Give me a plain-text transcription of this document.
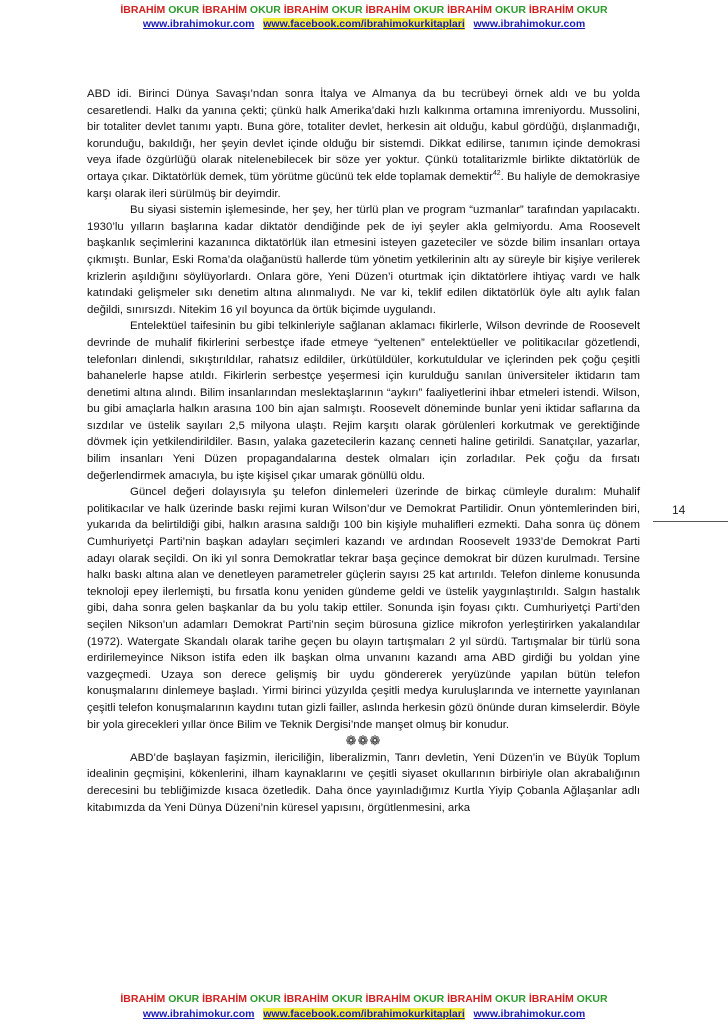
İBRAHİM OKUR İBRAHİM OKUR İBRAHİM OKUR İBRAHİM OKUR İBRAHİM OKUR İBRAHİM OKUR
www.ibrahimokur.com www.facebook.com/ibrahimokurkitaplari www.ibrahimokur.com

ABD idi. Birinci Dünya Savaşı’ndan sonra İtalya ve Almanya da bu tecrübeyi örnek aldı ve bu yolda cesaretlendi. Halkı da yanına çekti; çünkü halk Amerika’daki hızlı kalkınma ortamına imreniyordu. Mussolini, bir totaliter devlet tanımı yaptı. Buna göre, totaliter devlet, herkesin ait olduğu, kabul gördüğü, dışlanmadığı, korunduğu, bakıldığı, her şeyin devlet içinde olduğu bir sistemdi. Dikkat edilirse, tanımın içinde demokrasi veya ifade özgürlüğü olarak nitelenebilecek bir söze yer yoktur. Çünkü totalitarizmle birlikte diktatörlük de ortaya çıkar. Diktatörlük demek, tüm yörütme gücünü tek elde toplamak demektir$^{42}$. Bu haliyle de demokrasiye karşı olarak ileri sürülmüş bir deyimdir.

Bu siyasi sistemin işlemesinde, her şey, her türlü plan ve program “uzmanlar” tarafından yapılacaktı. 1930’lu yılların başlarına kadar diktatör dendiğinde pek de iyi şeyler akla gelmiyordu. Ama Roosevelt başkanlık seçimlerini kazanınca diktatörlük ilan etmesini isteyen gazeteciler ve sözde bilim insanları ortaya çıkmıştı. Bunlar, Eski Roma’da olağanüstü hallerde tüm yönetim yetkilerinin altı ay süreyle bir kişiye verilerek krizlerin aşıldığını söylüyorlardı. Onlara göre, Yeni Düzen’i oturtmak için diktatörlere ihtiyaç vardı ve halk katındaki gelişmeler sıkı denetim altına alınmalıydı. Ne var ki, teklif edilen diktatörlük öyle altı aylık falan değildi, sınırsızdı. Nitekim 16 yıl boyunca da örtük biçimde uygulandı.

Entelektüel taifesinin bu gibi telkinleriyle sağlanan aklamacı fikirlerle, Wilson devrinde de Roosevelt devrinde de muhalif fikirlerini serbestçe ifade etmeye “yeltenen” entelektüeller ve politikacılar gözetlendi, telefonları dinlendi, sıkıştırıldılar, rahatsız edildiler, ürkütüldüler, korkutuldular ve içlerinden pek çoğu çeşitli bahanelerle hapse atıldı. Fikirlerin serbestçe yeşermesi için kurulduğu sanılan üniversiteler iktidarın tam denetimi altına alındı. Bilim insanlarından meslektaşlarının “aykırı” faaliyetlerini ihbar etmeleri istendi. Wilson, bu gibi amaçlarla halkın arasına 100 bin ajan salmıştı. Roosevelt döneminde bunlar yeni iktidar saflarına da sızdılar ve üstelik sayıları 2,5 milyona ulaştı. Rejim karşıtı olarak görülenleri korkutmak ve gerektiğinde dövmek için yetkilendirildiler. Basın, yalaka gazetecilerin kazanç cenneti haline getirildi. Sanatçılar, yazarlar, bilim insanları Yeni Düzen propagandalarına destek olmaları için zorladılar. Pek çoğu da fırsatı değerlendirmek amacıyla, bu işte kişisel çıkar umarak gönüllü oldu.

Güncel değeri dolayısıyla şu telefon dinlemeleri üzerinde de birkaç cümleyle duralım: Muhalif politikacılar ve halk üzerinde baskı rejimi kuran Wilson’dur ve Demokrat Partilidir. Onun yöntemlerinden biri, yukarıda da belirtildiği gibi, halkın arasına saldığı 100 bin kişiyle muhalifleri ezmekti. Daha sonra üç dönem Cumhuriyetçi Parti’nin başkan adayları seçimleri kazandı ve ardından Roosevelt 1933’de Demokrat Parti adayı olarak seçildi. On iki yıl sonra Demokratlar tekrar başa geçince demokrat bir düzen kurulmadı. Tersine halkı baskı altına alan ve denetleyen parametreler güçlerin sayısı 25 kat artırıldı. Telefon dinleme konusunda teknoloji epey ilerlemişti, bu fırsatla konu yeniden gündeme geldi ve üstelik yaygınlaştırıldı. Salgın hastalık gibi, daha sonra gelen başkanlar da bu yolu takip ettiler. Sonunda işin foyası çıktı. Cumhuriyetçi Parti’den seçilen Nikson’un adamları Demokrat Parti’nin seçim bürosuna gizlice mikrofon yerleştirirken yakalandılar (1972). Watergate Skandalı olarak tarihe geçen bu olayın tartışmaları 2 yıl sürdü. Tartışmalar bir türlü sona erdirilemeyince Nikson istifa eden ilk başkan olma unvanını kazandı ama ABD girdiği bu yoldan yine vazgeçmedi. Uzaya son derece gelişmiş bir uydu göndererek yeryüzünde yapılan bütün telefon konuşmalarını dinlemeye başladı. Yirmi birinci yüzyılda çeşitli medya kuruluşlarında ve internette yayınlanan çeşitli telefon konuşmalarının kaydını tutan gizli failler, aslında herkesin gözü önünde duran kimselerdir. Böyle bir yola girecekleri yıllar önce Bilim ve Teknik Dergisi’nde manşet olmuş bir konudur.

❁❁❁

ABD’de başlayan faşizmin, ilericiliğin, liberalizmin, Tanrı devletin, Yeni Düzen’in ve Büyük Toplum idealinin geçmişini, kökenlerini, ilham kaynaklarını ve çeşitli siyaset okullarının birbiriyle olan akrabalığının derecesini bu tebliğimizde kısaca özetledik. Daha önce yayınladığımız Kurtla Yiyip Çobanla Ağlaşanlar adlı kitabımızda da Yeni Dünya Düzeni’nin küresel yapısını, örgütlenmesini, arka

14
İBRAHİM OKUR İBRAHİM OKUR İBRAHİM OKUR İBRAHİM OKUR İBRAHİM OKUR İBRAHİM OKUR
www.ibrahimokur.com www.facebook.com/ibrahimokurkitaplari www.ibrahimokur.com
